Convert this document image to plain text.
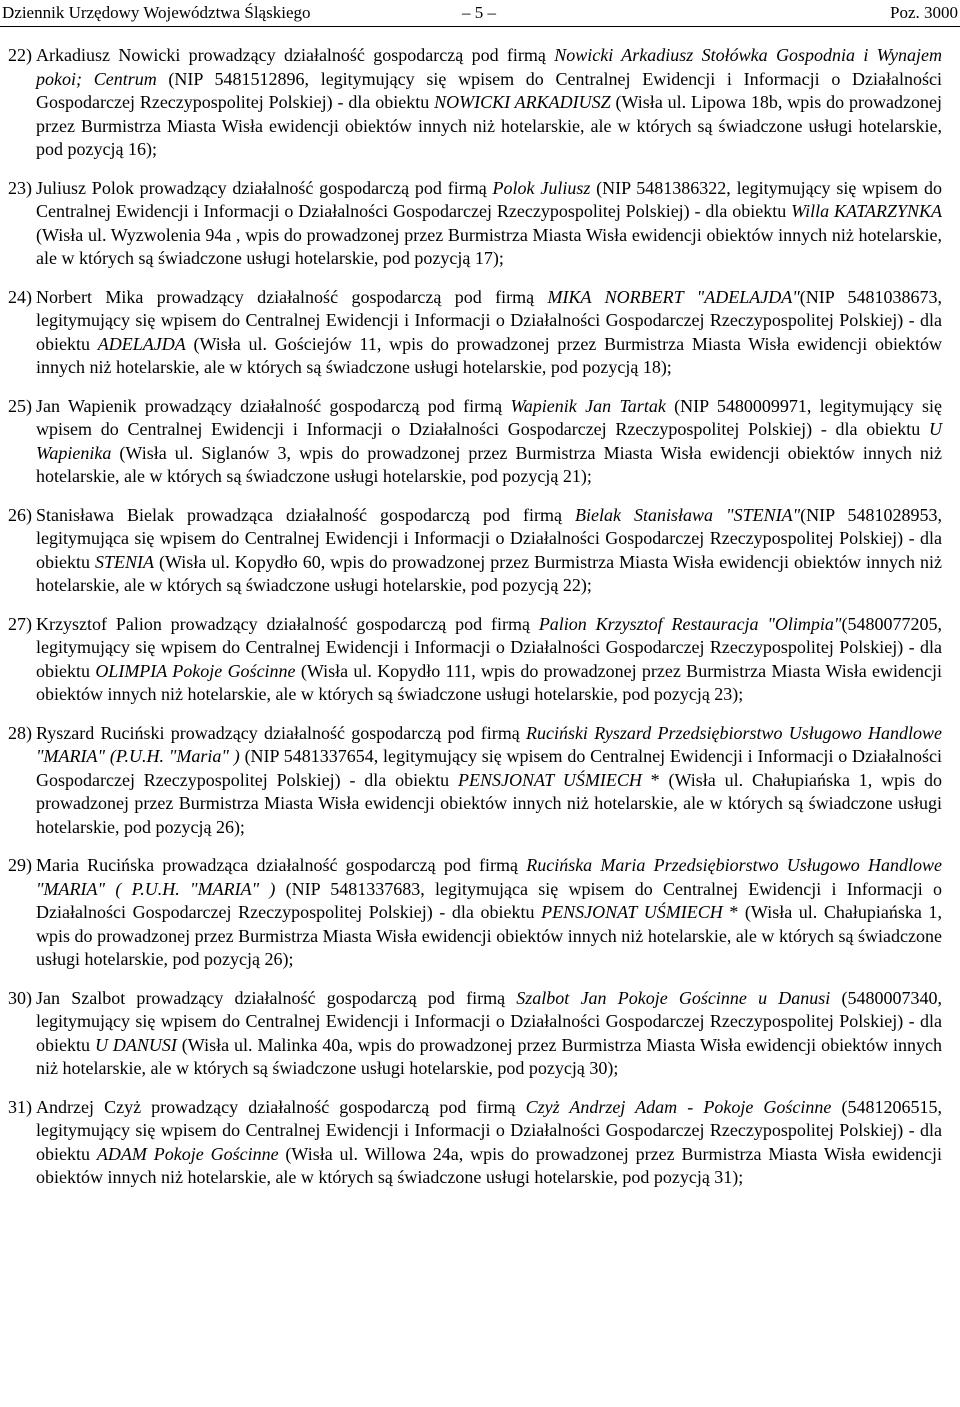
Dziennik Urzędowy Województwa Śląskiego	– 5 –	Poz. 3000
22) Arkadiusz Nowicki prowadzący działalność gospodarczą pod firmą Nowicki Arkadiusz Stołówka Gospodnia i Wynajem pokoi; Centrum (NIP 5481512896, legitymujący się wpisem do Centralnej Ewidencji i Informacji o Działalności Gospodarczej Rzeczypospolitej Polskiej) - dla obiektu NOWICKI ARKADIUSZ (Wisła ul. Lipowa 18b, wpis do prowadzonej przez Burmistrza Miasta Wisła ewidencji obiektów innych niż hotelarskie, ale w których są świadczone usługi hotelarskie, pod pozycją 16);
23) Juliusz Polok prowadzący działalność gospodarczą pod firmą Polok Juliusz (NIP 5481386322, legitymujący się wpisem do Centralnej Ewidencji i Informacji o Działalności Gospodarczej Rzeczypospolitej Polskiej) - dla obiektu Willa KATARZYNKA (Wisła ul. Wyzwolenia 94a , wpis do prowadzonej przez Burmistrza Miasta Wisła ewidencji obiektów innych niż hotelarskie, ale w których są świadczone usługi hotelarskie, pod pozycją 17);
24) Norbert Mika prowadzący działalność gospodarczą pod firmą MIKA NORBERT "ADELAJDA"(NIP 5481038673, legitymujący się wpisem do Centralnej Ewidencji i Informacji o Działalności Gospodarczej Rzeczypospolitej Polskiej) - dla obiektu ADELAJDA (Wisła ul. Gościejów 11, wpis do prowadzonej przez Burmistrza Miasta Wisła ewidencji obiektów innych niż hotelarskie, ale w których są świadczone usługi hotelarskie, pod pozycją 18);
25) Jan Wapienik prowadzący działalność gospodarczą pod firmą Wapienik Jan Tartak (NIP 5480009971, legitymujący się wpisem do Centralnej Ewidencji i Informacji o Działalności Gospodarczej Rzeczypospolitej Polskiej) - dla obiektu U Wapienika (Wisła ul. Siglanów 3, wpis do prowadzonej przez Burmistrza Miasta Wisła ewidencji obiektów innych niż hotelarskie, ale w których są świadczone usługi hotelarskie, pod pozycją 21);
26) Stanisława Bielak prowadząca działalność gospodarczą pod firmą Bielak Stanisława "STENIA"(NIP 5481028953, legitymująca się wpisem do Centralnej Ewidencji i Informacji o Działalności Gospodarczej Rzeczypospolitej Polskiej) - dla obiektu STENIA (Wisła ul. Kopydło 60, wpis do prowadzonej przez Burmistrza Miasta Wisła ewidencji obiektów innych niż hotelarskie, ale w których są świadczone usługi hotelarskie, pod pozycją 22);
27) Krzysztof Palion prowadzący działalność gospodarczą pod firmą Palion Krzysztof Restauracja "Olimpia"(5480077205, legitymujący się wpisem do Centralnej Ewidencji i Informacji o Działalności Gospodarczej Rzeczypospolitej Polskiej) - dla obiektu OLIMPIA Pokoje Gościnne (Wisła ul. Kopydło 111, wpis do prowadzonej przez Burmistrza Miasta Wisła ewidencji obiektów innych niż hotelarskie, ale w których są świadczone usługi hotelarskie, pod pozycją 23);
28) Ryszard Ruciński prowadzący działalność gospodarczą pod firmą Ruciński Ryszard Przedsiębiorstwo Usługowo Handlowe "MARIA" (P.U.H. "Maria" ) (NIP 5481337654, legitymujący się wpisem do Centralnej Ewidencji i Informacji o Działalności Gospodarczej Rzeczypospolitej Polskiej) - dla obiektu PENSJONAT UŚMIECH * (Wisła ul. Chałupiańska 1, wpis do prowadzonej przez Burmistrza Miasta Wisła ewidencji obiektów innych niż hotelarskie, ale w których są świadczone usługi hotelarskie, pod pozycją 26);
29) Maria Rucińska prowadząca działalność gospodarczą pod firmą Rucińska Maria Przedsiębiorstwo Usługowo Handlowe "MARIA" ( P.U.H. "MARIA" ) (NIP 5481337683, legitymująca się wpisem do Centralnej Ewidencji i Informacji o Działalności Gospodarczej Rzeczypospolitej Polskiej) - dla obiektu PENSJONAT UŚMIECH * (Wisła ul. Chałupiańska 1, wpis do prowadzonej przez Burmistrza Miasta Wisła ewidencji obiektów innych niż hotelarskie, ale w których są świadczone usługi hotelarskie, pod pozycją 26);
30) Jan Szalbot prowadzący działalność gospodarczą pod firmą Szalbot Jan Pokoje Gościnne u Danusi (5480007340, legitymujący się wpisem do Centralnej Ewidencji i Informacji o Działalności Gospodarczej Rzeczypospolitej Polskiej) - dla obiektu U DANUSI (Wisła ul. Malinka 40a, wpis do prowadzonej przez Burmistrza Miasta Wisła ewidencji obiektów innych niż hotelarskie, ale w których są świadczone usługi hotelarskie, pod pozycją 30);
31) Andrzej Czyż prowadzący działalność gospodarczą pod firmą Czyż Andrzej Adam - Pokoje Gościnne (5481206515, legitymujący się wpisem do Centralnej Ewidencji i Informacji o Działalności Gospodarczej Rzeczypospolitej Polskiej) - dla obiektu ADAM Pokoje Gościnne (Wisła ul. Willowa 24a, wpis do prowadzonej przez Burmistrza Miasta Wisła ewidencji obiektów innych niż hotelarskie, ale w których są świadczone usługi hotelarskie, pod pozycją 31);
